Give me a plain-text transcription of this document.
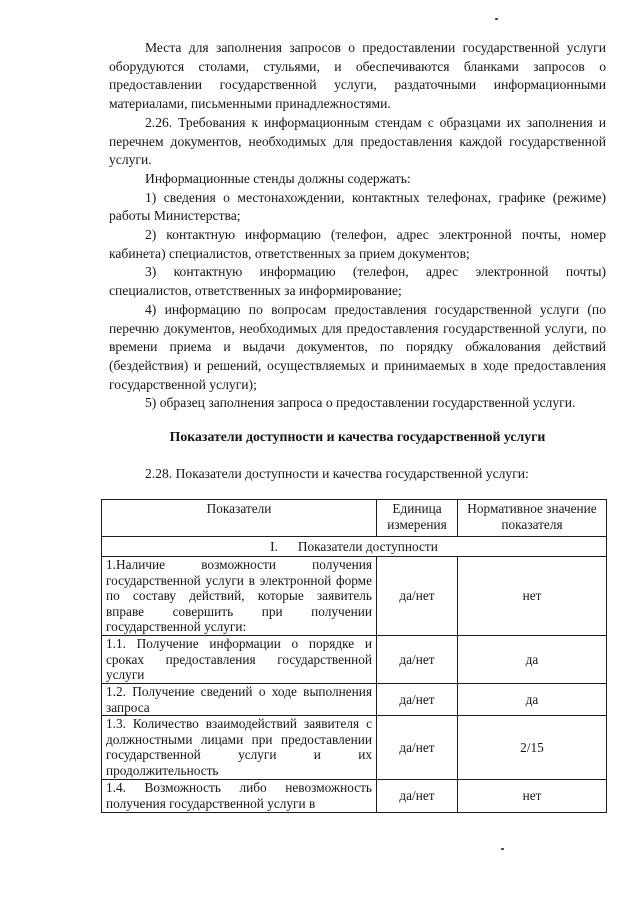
Места для заполнения запросов о предоставлении государственной услуги оборудуются столами, стульями, и обеспечиваются бланками запросов о предоставлении государственной услуги, раздаточными информационными материалами, письменными принадлежностями.

2.26. Требования к информационным стендам с образцами их заполнения и перечнем документов, необходимых для предоставления каждой государственной услуги.

Информационные стенды должны содержать:

1) сведения о местонахождении, контактных телефонах, графике (режиме) работы Министерства;

2) контактную информацию (телефон, адрес электронной почты, номер кабинета) специалистов, ответственных за прием документов;

3) контактную информацию (телефон, адрес электронной почты) специалистов, ответственных за информирование;

4) информацию по вопросам предоставления государственной услуги (по перечню документов, необходимых для предоставления государственной услуги, по времени приема и выдачи документов, по порядку обжалования действий (бездействия) и решений, осуществляемых и принимаемых в ходе предоставления государственной услуги);

5) образец заполнения запроса о предоставлении государственной услуги.

Показатели доступности и качества государственной услуги

2.28. Показатели доступности и качества государственной услуги:

Показатели	Единица измерения	Нормативное значение показателя
I.      Показатели доступности		
1.Наличие возможности получения государственной услуги в электронной форме по составу действий, которые заявитель вправе совершить при получении государственной услуги:	да/нет	нет
1.1. Получение информации о порядке и сроках предоставления государственной услуги	да/нет	да
1.2. Получение сведений о ходе выполнения запроса	да/нет	да
1.3. Количество взаимодействий заявителя с должностными лицами при предоставлении государственной услуги и их продолжительность	да/нет	2/15
1.4. Возможность либо невозможность получения государственной услуги в	да/нет	нет
